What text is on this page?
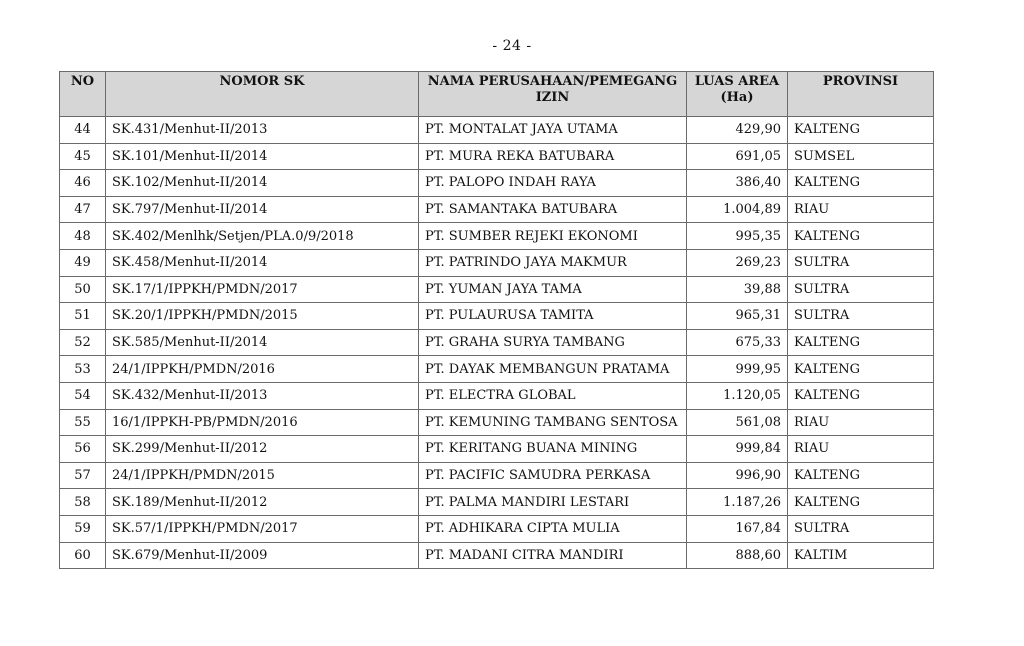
- 24 -
NO	NOMOR SK	NAMA PERUSAHAAN/PEMEGANG IZIN	LUAS AREA (Ha)	PROVINSI
44	SK.431/Menhut-II/2013	PT. MONTALAT JAYA UTAMA	429,90	KALTENG
45	SK.101/Menhut-II/2014	PT. MURA REKA BATUBARA	691,05	SUMSEL
46	SK.102/Menhut-II/2014	PT. PALOPO INDAH RAYA	386,40	KALTENG
47	SK.797/Menhut-II/2014	PT. SAMANTAKA BATUBARA	1.004,89	RIAU
48	SK.402/Menlhk/Setjen/PLA.0/9/2018	PT. SUMBER REJEKI EKONOMI	995,35	KALTENG
49	SK.458/Menhut-II/2014	PT. PATRINDO JAYA MAKMUR	269,23	SULTRA
50	SK.17/1/IPPKH/PMDN/2017	PT. YUMAN JAYA TAMA	39,88	SULTRA
51	SK.20/1/IPPKH/PMDN/2015	PT. PULAURUSA TAMITA	965,31	SULTRA
52	SK.585/Menhut-II/2014	PT. GRAHA SURYA TAMBANG	675,33	KALTENG
53	24/1/IPPKH/PMDN/2016	PT. DAYAK MEMBANGUN PRATAMA	999,95	KALTENG
54	SK.432/Menhut-II/2013	PT. ELECTRA GLOBAL	1.120,05	KALTENG
55	16/1/IPPKH-PB/PMDN/2016	PT. KEMUNING TAMBANG SENTOSA	561,08	RIAU
56	SK.299/Menhut-II/2012	PT. KERITANG BUANA MINING	999,84	RIAU
57	24/1/IPPKH/PMDN/2015	PT. PACIFIC SAMUDRA PERKASA	996,90	KALTENG
58	SK.189/Menhut-II/2012	PT. PALMA MANDIRI LESTARI	1.187,26	KALTENG
59	SK.57/1/IPPKH/PMDN/2017	PT. ADHIKARA CIPTA MULIA	167,84	SULTRA
60	SK.679/Menhut-II/2009	PT. MADANI CITRA MANDIRI	888,60	KALTIM
